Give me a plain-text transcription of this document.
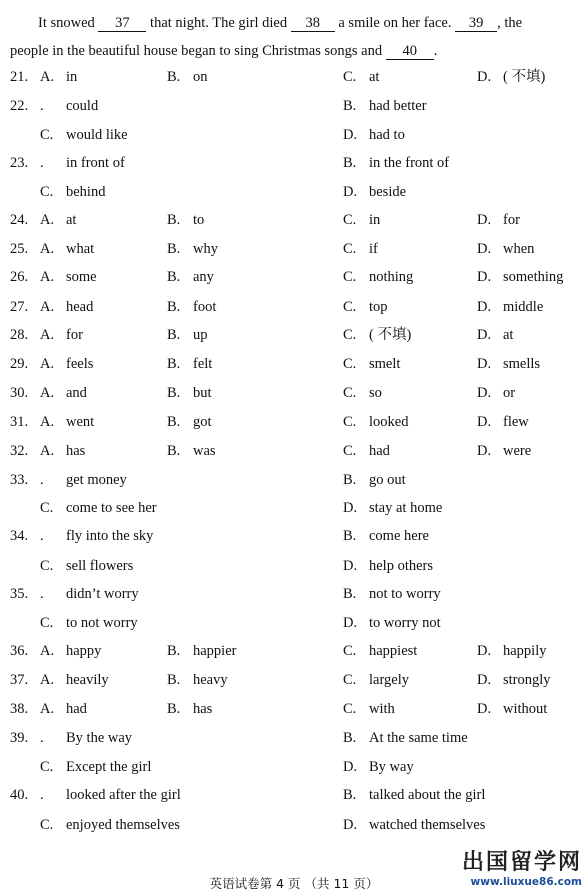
It snowed 37 that night. The girl died 38 a smile on her face. 39 , the
people in the beautiful house began to sing Christmas songs and 40 .
21. A. in	B. on	C. at	D. ( 不填)
22. . could	B. had better
C. would like	D. had to
23. . in front of	B. in the front of
C. behind	D. beside
24. A. at	B. to	C. in	D. for
25. A. what	B. why	C. if	D. when
26. A. some	B. any	C. nothing	D. something
27. A. head	B. foot	C. top	D. middle
28. A. for	B. up	C. ( 不填)	D. at
29. A. feels	B. felt	C. smelt	D. smells
30. A. and	B. but	C. so	D. or
31. A. went	B. got	C. looked	D. flew
32. A. has	B. was	C. had	D. were
33. . get money	B. go out
C. come to see her	D. stay at home
34. . fly into the sky	B. come here
C. sell flowers	D. help others
35. . didn’t worry	B. not to worry
C. to not worry	D. to worry not
36. A. happy	B. happier	C. happiest	D. happily
37. A. heavily	B. heavy	C. largely	D. strongly
38. A. had	B. has	C. with	D. without
39. . By the way	B. At the same time
C. Except the girl	D. By way
40. . looked after the girl	B. talked about the girl
C. enjoyed themselves	D. watched themselves
英语试卷第 4 页 （共 11 页）
出国留学网
www.liuxue86.com
